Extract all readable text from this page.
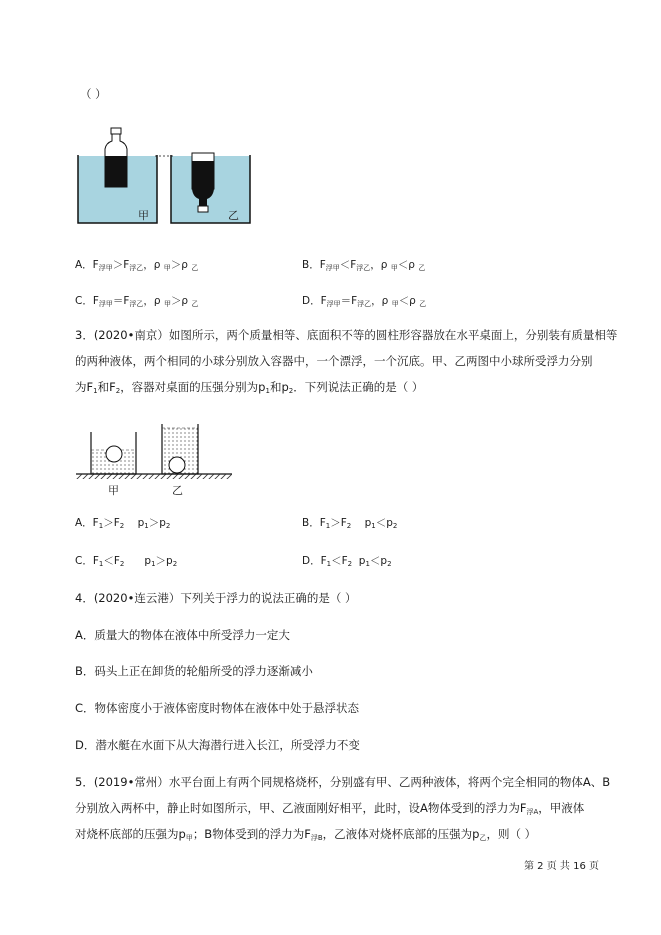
（ ）
甲	乙
A．$F_{浮甲}>F_{浮乙}$，ρ $_甲$＞ρ $_乙$	B．$F_{浮甲}<F_{浮乙}$，ρ $_甲$＜ρ $_乙$
C．$F_{浮甲}=F_{浮乙}$，ρ $_甲$＞ρ $_乙$	D．$F_{浮甲}=F_{浮乙}$，ρ $_甲$＜ρ $_乙$
3．(2020•南京）如图所示，两个质量相等、底面积不等的圆柱形容器放在水平桌面上，分别装有质量相等
的两种液体，两个相同的小球分别放入容器中，一个漂浮，一个沉底。甲、乙两图中小球所受浮力分别
为$F_1$和$F_2$，容器对桌面的压强分别为$p_1$和$p_2$．下列说法正确的是（ ）
甲	乙
A．$F_1>F_2$    $p_1>p_2$	B．$F_1>F_2$    $p_1<p_2$
C．$F_1<F_2$      $p_1>p_2$	D．$F_1<F_2$  $p_1<p_2$
4．(2020•连云港）下列关于浮力的说法正确的是（ ）
A．质量大的物体在液体中所受浮力一定大
B．码头上正在卸货的轮船所受的浮力逐渐减小
C．物体密度小于液体密度时物体在液体中处于悬浮状态
D．潜水艇在水面下从大海潜行进入长江，所受浮力不变
5．(2019•常州）水平台面上有两个同规格烧杯，分别盛有甲、乙两种液体，将两个完全相同的物体A、B
分别放入两杯中，静止时如图所示，甲、乙液面刚好相平，此时，设A物体受到的浮力为$F_{浮A}$，甲液体
对烧杯底部的压强为$p_甲$；B物体受到的浮力为$F_{浮B}$，乙液体对烧杯底部的压强为$p_乙$，则（ ）
第 2 页 共 16 页
